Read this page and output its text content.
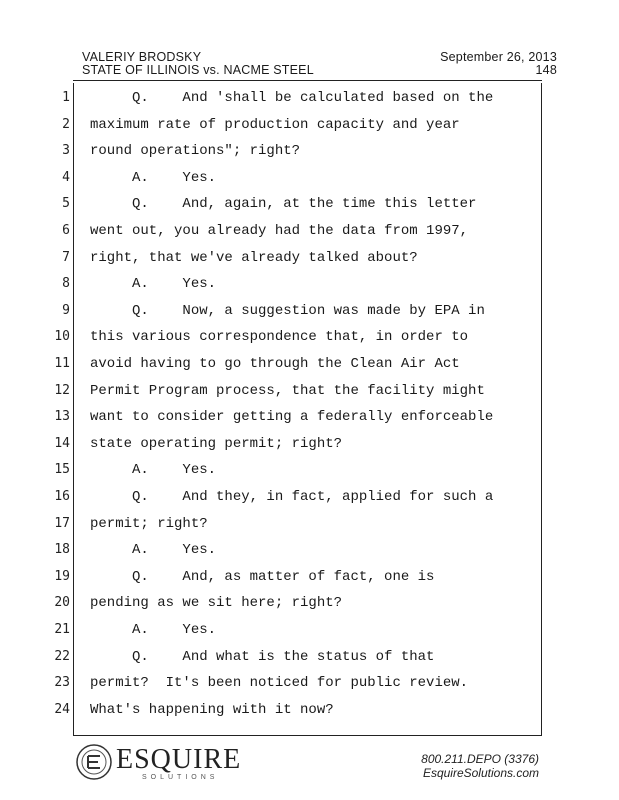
VALERIY BRODSKY
STATE OF ILLINOIS vs. NACME STEEL
September 26, 2013
148
1 Q.    And 'shall be calculated based on the
2 maximum rate of production capacity and year
3 round operations"; right?
4 A.    Yes.
5 Q.    And, again, at the time this letter
6 went out, you already had the data from 1997,
7 right, that we've already talked about?
8 A.    Yes.
9 Q.    Now, a suggestion was made by EPA in
10 this various correspondence that, in order to
11 avoid having to go through the Clean Air Act
12 Permit Program process, that the facility might
13 want to consider getting a federally enforceable
14 state operating permit; right?
15 A.    Yes.
16 Q.    And they, in fact, applied for such a
17 permit; right?
18 A.    Yes.
19 Q.    And, as matter of fact, one is
20 pending as we sit here; right?
21 A.    Yes.
22 Q.    And what is the status of that
23 permit?  It's been noticed for public review.
24 What's happening with it now?
ESQUIRE
SOLUTIONS
800.211.DEPO (3376)
EsquireSolutions.com
